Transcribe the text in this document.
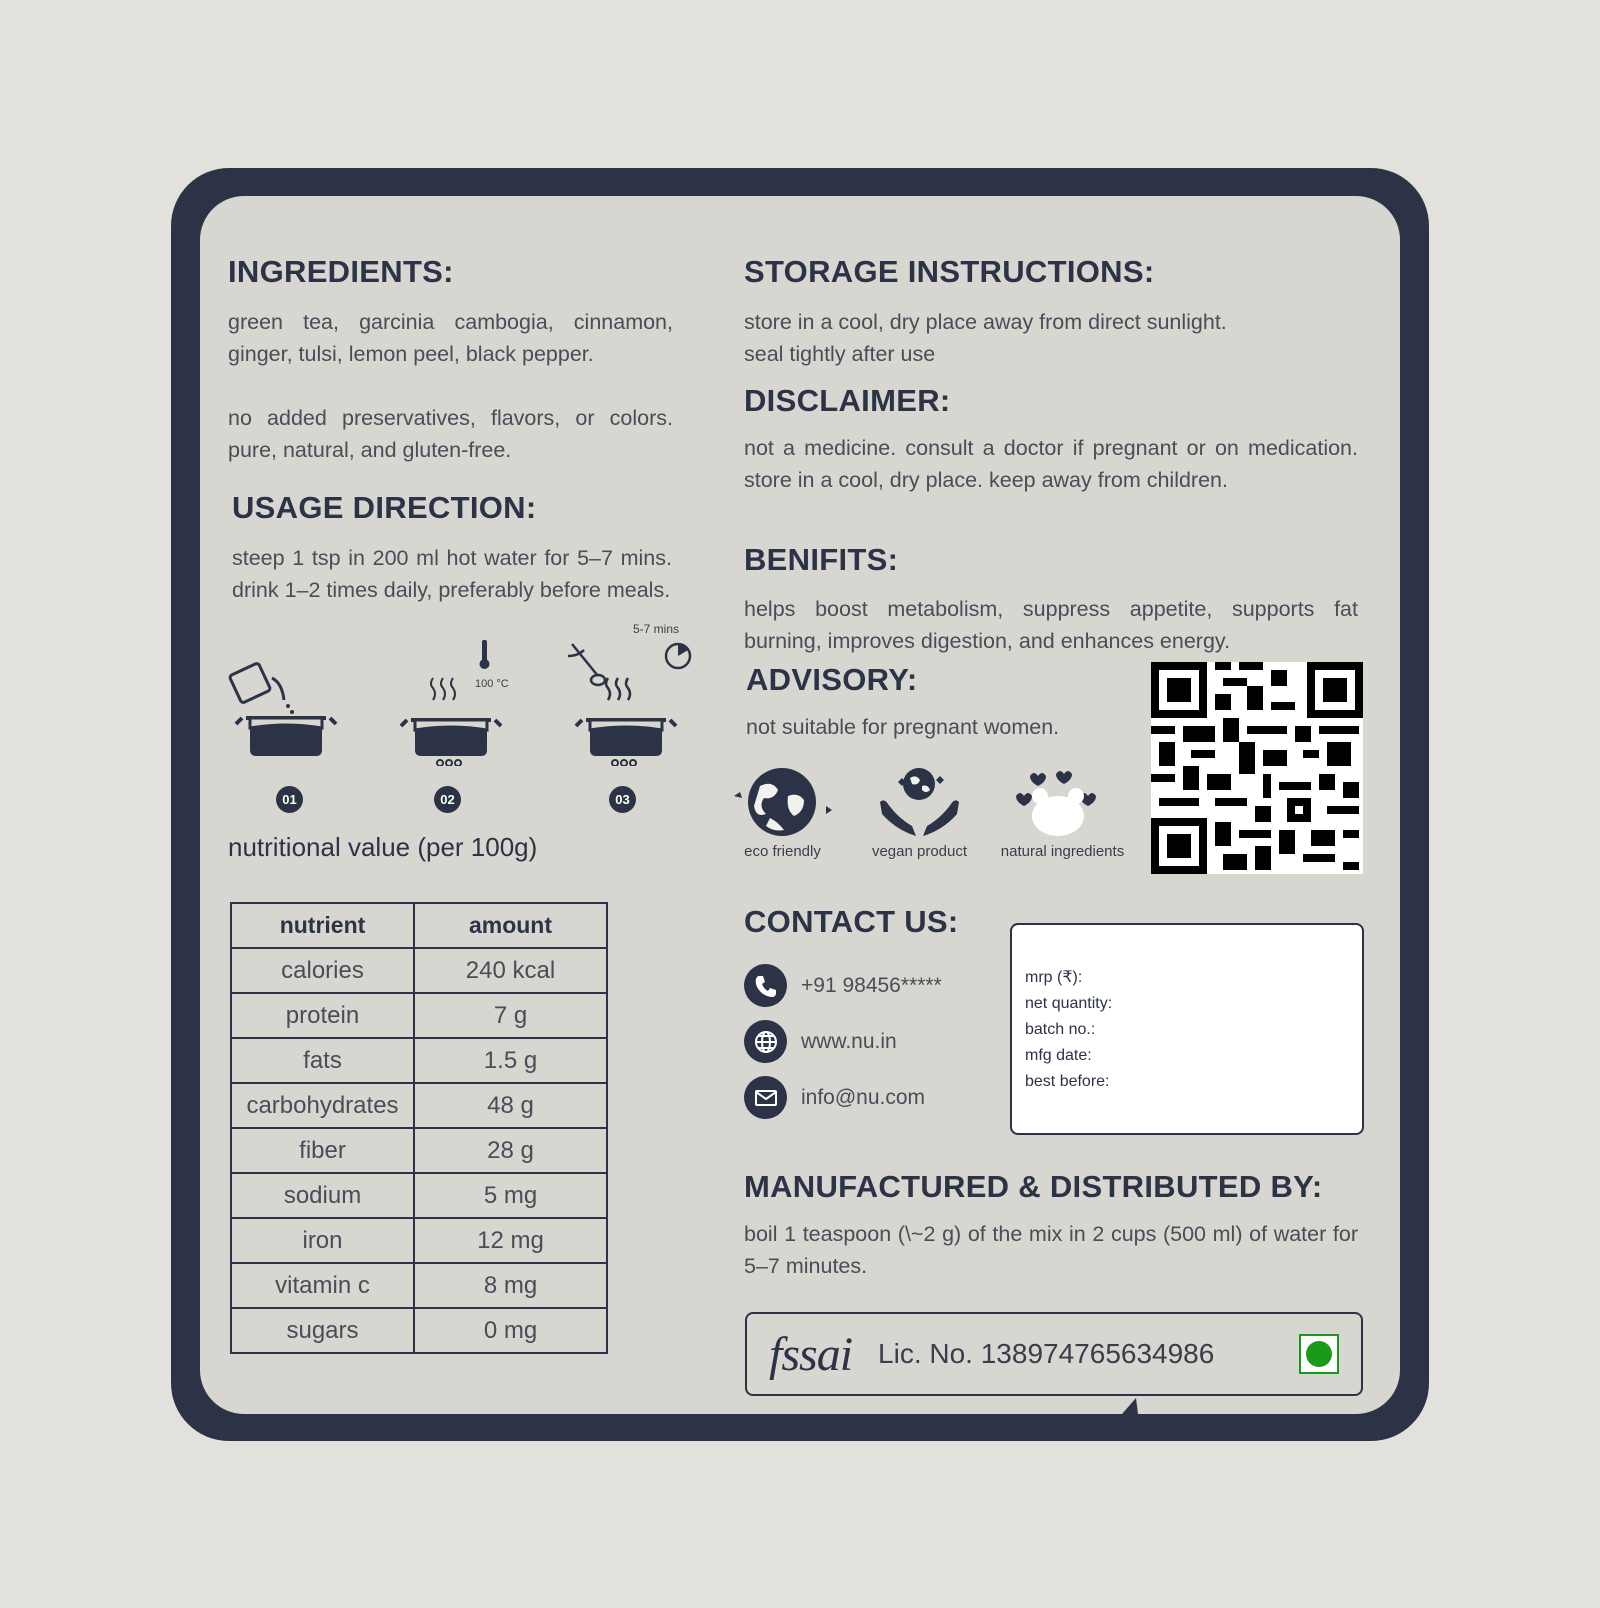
INGREDIENTS:

green tea, garcinia cambogia, cinnamon, ginger, tulsi, lemon peel, black pepper.

no added preservatives, flavors, or colors. pure, natural, and gluten-free.

USAGE DIRECTION:

steep 1 tsp in 200 ml hot water for 5–7 mins. drink 1–2 times daily, preferably before meals.

01
100 °C
02
5-7 mins
03
nutritional value (per 100g)
nutrient	amount
calories	240 kcal
protein	7 g
fats	1.5 g
carbohydrates	48 g
fiber	28 g
sodium	5 mg
iron	12 mg
vitamin c	8 mg
sugars	0 mg
STORAGE INSTRUCTIONS:

store in a cool, dry place away from direct sunlight.

seal tightly after use

DISCLAIMER:

not a medicine. consult a doctor if pregnant or on medication. store in a cool, dry place. keep away from children.

BENIFITS:

helps boost metabolism, suppress appetite, supports fat burning, improves digestion, and enhances energy.

ADVISORY:

not suitable for pregnant women.

eco friendly	vegan product	natural ingredients
CONTACT US:
+91 98456*****
www.nu.in
info@nu.com
mrp (₹):
net quantity:
batch no.:
mfg date:
best before:
MANUFACTURED & DISTRIBUTED BY:

boil 1 teaspoon (\~2 g) of the mix in 2 cups (500 ml) of water for 5–7 minutes.

fssai Lic. No. 138974765634986
